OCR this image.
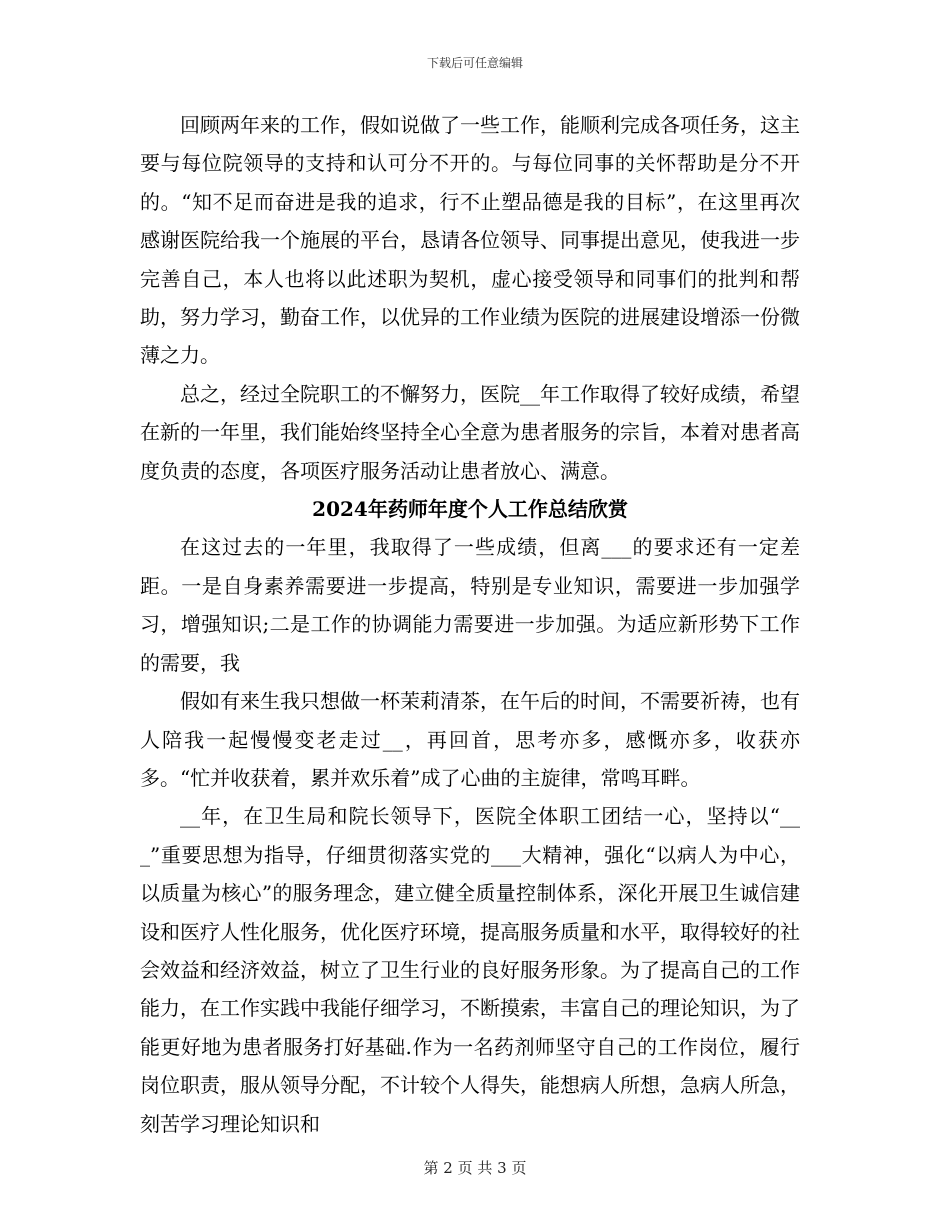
下载后可任意编辑

回顾两年来的工作，假如说做了一些工作，能顺利完成各项任务，这主要与每位院领导的支持和认可分不开的。与每位同事的关怀帮助是分不开的。“知不足而奋进是我的追求，行不止塑品德是我的目标”，在这里再次感谢医院给我一个施展的平台，恳请各位领导、同事提出意见，使我进一步完善自己，本人也将以此述职为契机，虚心接受领导和同事们的批判和帮助，努力学习，勤奋工作，以优异的工作业绩为医院的进展建设增添一份微薄之力。

总之，经过全院职工的不懈努力，医院__年工作取得了较好成绩，希望在新的一年里，我们能始终坚持全心全意为患者服务的宗旨，本着对患者高度负责的态度，各项医疗服务活动让患者放心、满意。

2024年药师年度个人工作总结欣赏

在这过去的一年里，我取得了一些成绩，但离___的要求还有一定差距。一是自身素养需要进一步提高，特别是专业知识，需要进一步加强学习，增强知识;二是工作的协调能力需要进一步加强。为适应新形势下工作的需要，我

假如有来生我只想做一杯茉莉清茶，在午后的时间，不需要祈祷，也有人陪我一起慢慢变老走过__，再回首，思考亦多，感慨亦多，收获亦多。“忙并收获着，累并欢乐着”成了心曲的主旋律，常鸣耳畔。

__年，在卫生局和院长领导下，医院全体职工团结一心，坚持以“___”重要思想为指导，仔细贯彻落实党的___大精神，强化“以病人为中心，以质量为核心”的服务理念，建立健全质量控制体系，深化开展卫生诚信建设和医疗人性化服务，优化医疗环境，提高服务质量和水平，取得较好的社会效益和经济效益，树立了卫生行业的良好服务形象。为了提高自己的工作能力，在工作实践中我能仔细学习，不断摸索，丰富自己的理论知识，为了能更好地为患者服务打好基础.作为一名药剂师坚守自己的工作岗位，履行岗位职责，服从领导分配，不计较个人得失，能想病人所想，急病人所急，刻苦学习理论知识和

第 2 页 共 3 页
